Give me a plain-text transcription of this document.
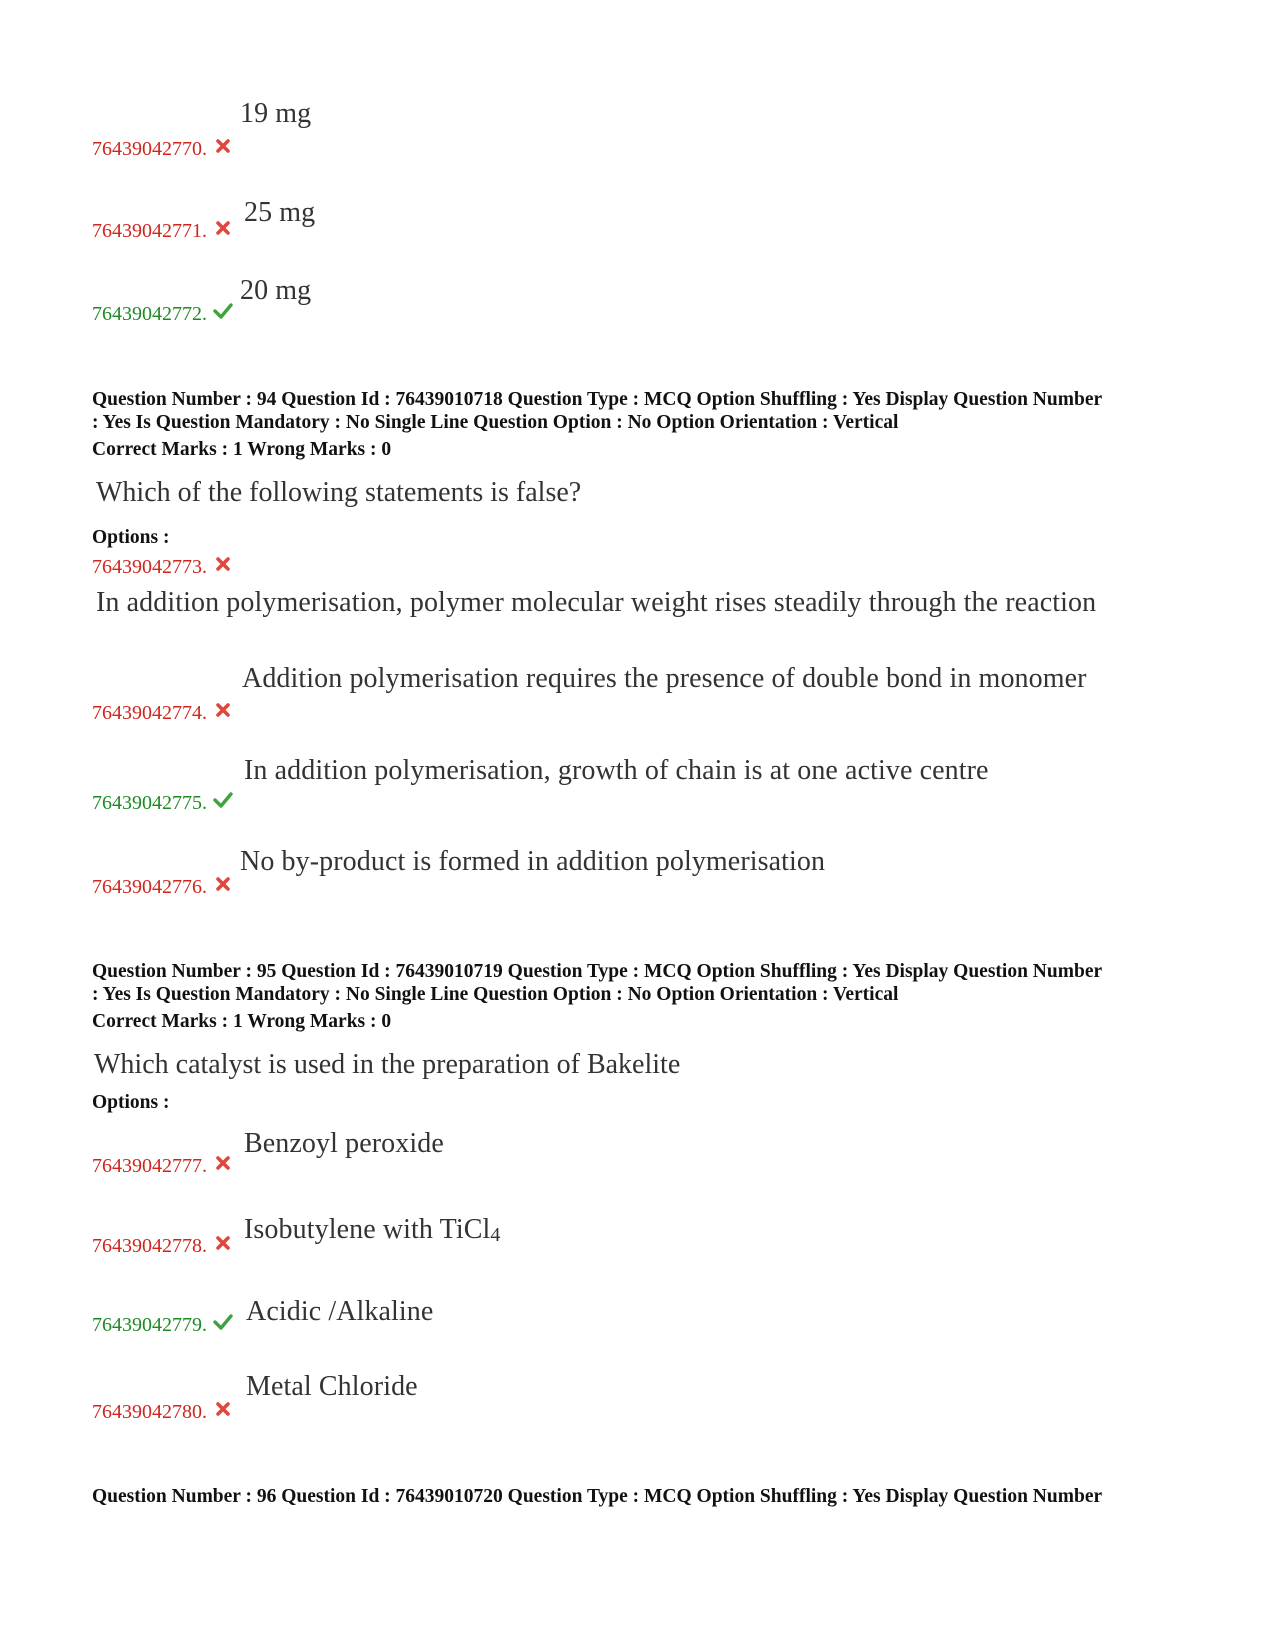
19 mg
76439042770.
25 mg
76439042771.
20 mg
76439042772.
Question Number : 94 Question Id : 76439010718 Question Type : MCQ Option Shuffling : Yes Display Question Number
: Yes Is Question Mandatory : No Single Line Question Option : No Option Orientation : Vertical
Correct Marks : 1 Wrong Marks : 0
Which of the following statements is false?
Options :
76439042773.
In addition polymerisation, polymer molecular weight rises steadily through the reaction
Addition polymerisation requires the presence of double bond in monomer
76439042774.
In addition polymerisation, growth of chain is at one active centre
76439042775.
No by-product is formed in addition polymerisation
76439042776.
Question Number : 95 Question Id : 76439010719 Question Type : MCQ Option Shuffling : Yes Display Question Number
: Yes Is Question Mandatory : No Single Line Question Option : No Option Orientation : Vertical
Correct Marks : 1 Wrong Marks : 0
Which catalyst is used in the preparation of Bakelite
Options :
Benzoyl peroxide
76439042777.
Isobutylene with TiCl4
76439042778.
Acidic /Alkaline
76439042779.
Metal Chloride
76439042780.
Question Number : 96 Question Id : 76439010720 Question Type : MCQ Option Shuffling : Yes Display Question Number
